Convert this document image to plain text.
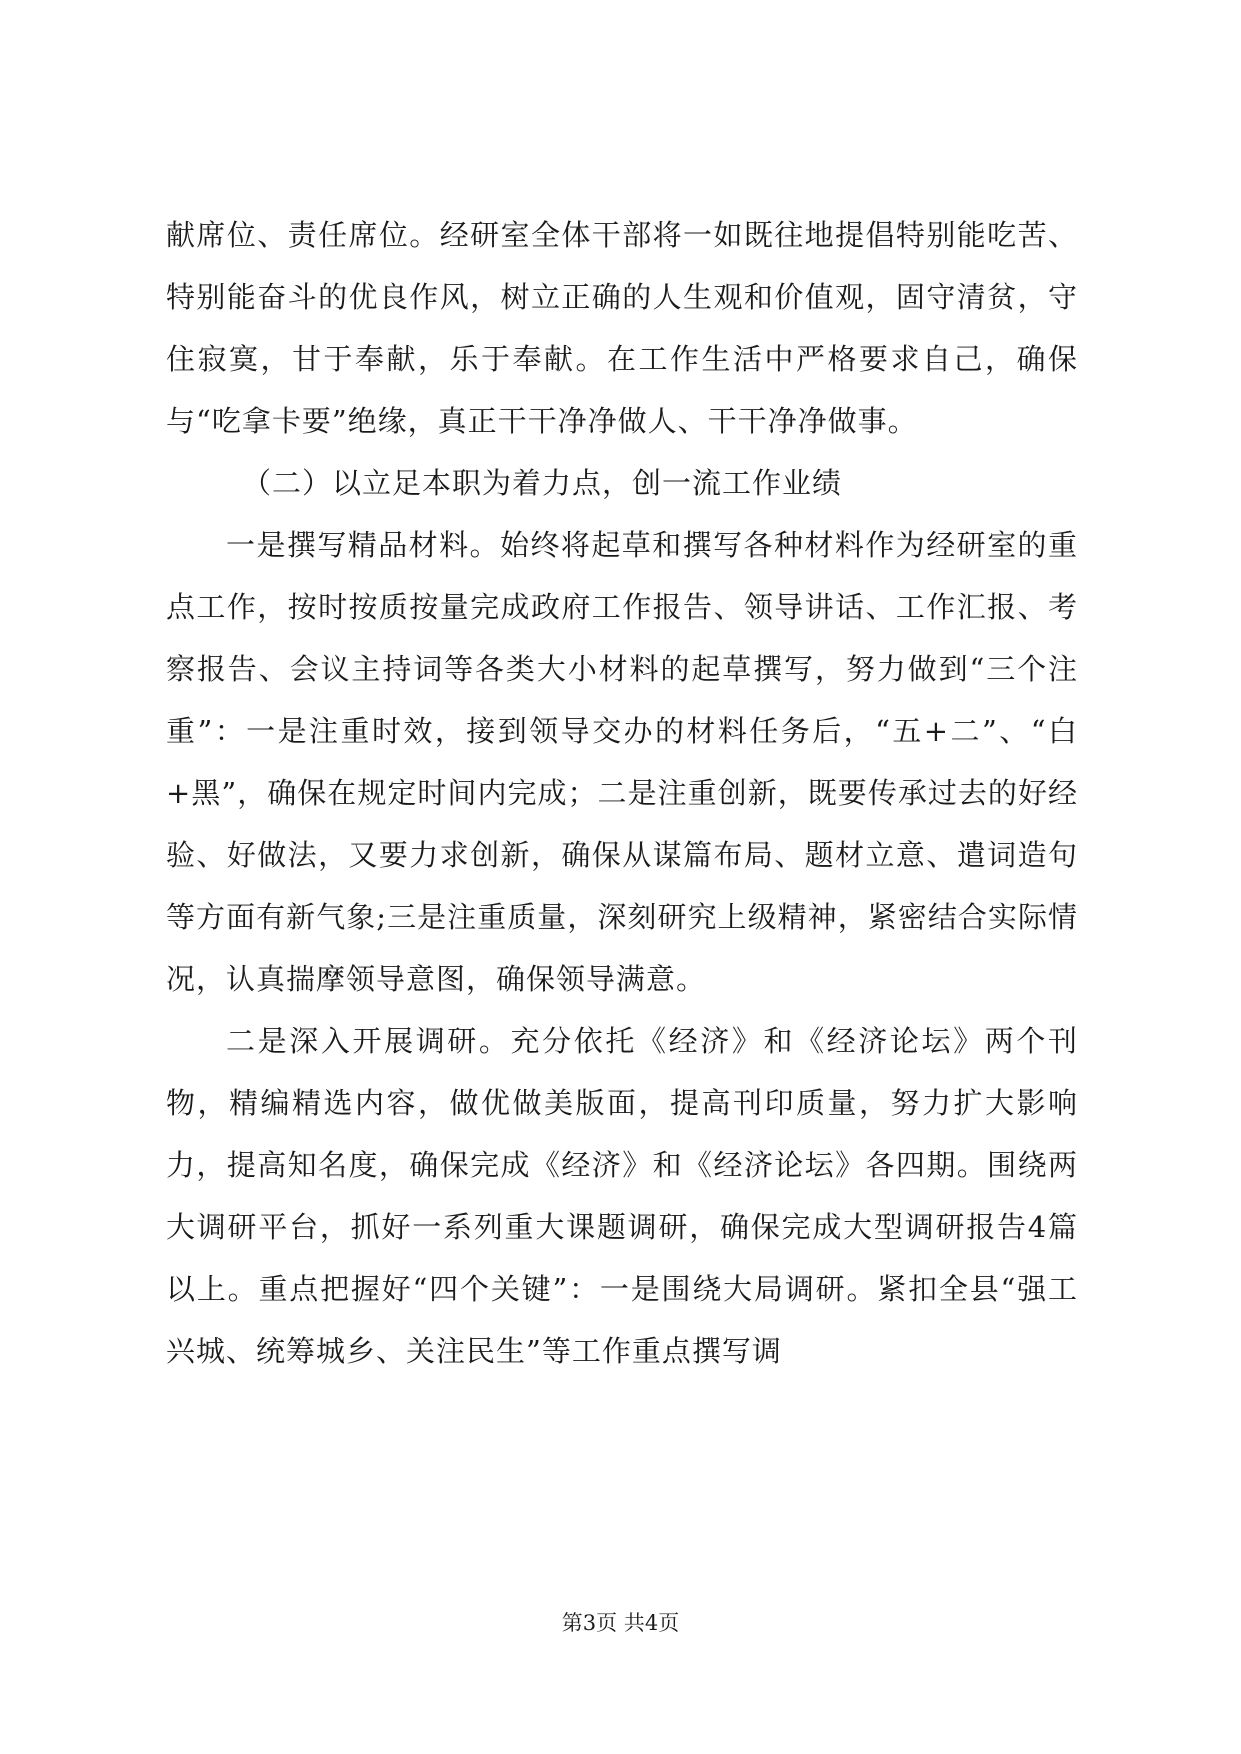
献席位、责任席位。经研室全体干部将一如既往地提倡特别能吃苦、特别能奋斗的优良作风，树立正确的人生观和价值观，固守清贫，守住寂寞，甘于奉献，乐于奉献。在工作生活中严格要求自己，确保与“吃拿卡要”绝缘，真正干干净净做人、干干净净做事。

（二）以立足本职为着力点，创一流工作业绩

一是撰写精品材料。始终将起草和撰写各种材料作为经研室的重点工作，按时按质按量完成政府工作报告、领导讲话、工作汇报、考察报告、会议主持词等各类大小材料的起草撰写，努力做到“三个注重”：一是注重时效，接到领导交办的材料任务后，“五+二”、“白+黑”，确保在规定时间内完成；二是注重创新，既要传承过去的好经验、好做法，又要力求创新，确保从谋篇布局、题材立意、遣词造句等方面有新气象;三是注重质量，深刻研究上级精神，紧密结合实际情况，认真揣摩领导意图，确保领导满意。

二是深入开展调研。充分依托《经济》和《经济论坛》两个刊物，精编精选内容，做优做美版面，提高刊印质量，努力扩大影响力，提高知名度，确保完成《经济》和《经济论坛》各四期。围绕两大调研平台，抓好一系列重大课题调研，确保完成大型调研报告4篇以上。重点把握好“四个关键”：一是围绕大局调研。紧扣全县“强工兴城、统筹城乡、关注民生”等工作重点撰写调

第3页 共4页
